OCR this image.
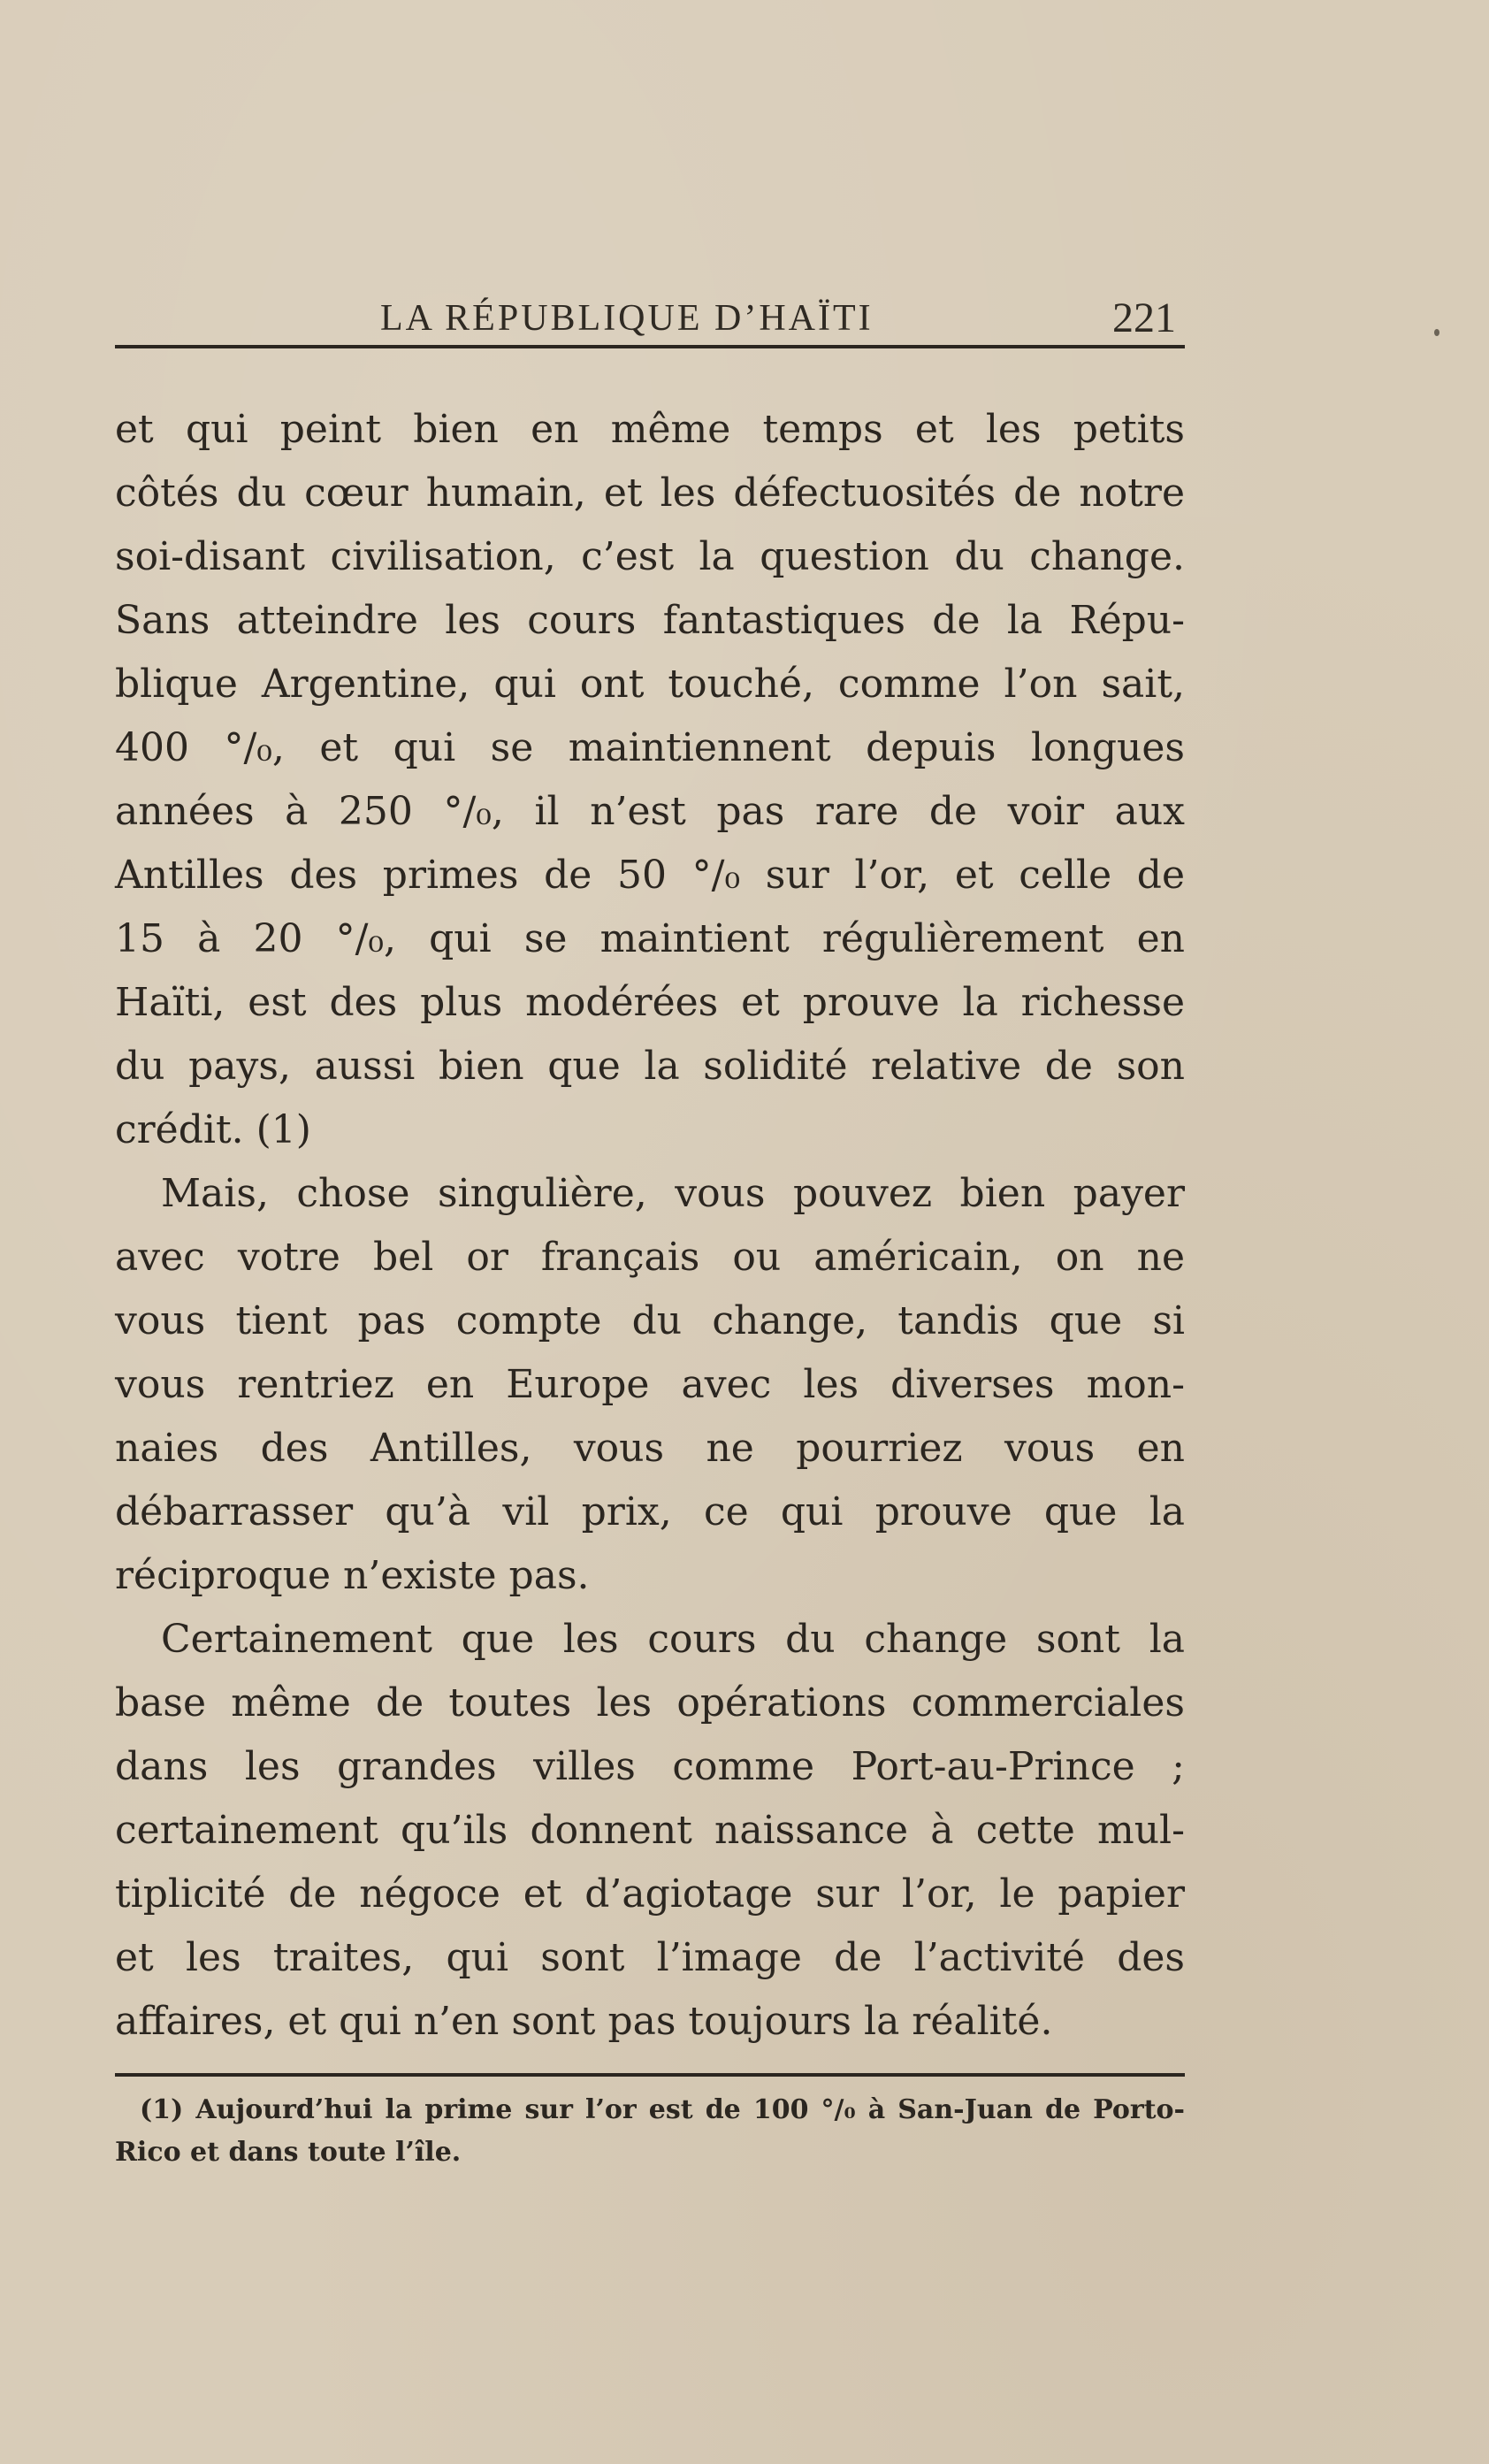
LA RÉPUBLIQUE D’HAÏTI	221

et qui peint bien en même temps et les petits

côtés du cœur humain, et les défectuosités de notre

soi-disant civilisation, c’est la question du change.

Sans atteindre les cours fantastiques de la Répu-

blique Argentine, qui ont touché, comme l’on sait,

400 °/₀, et qui se maintiennent depuis longues

années à 250 °/₀, il n’est pas rare de voir aux

Antilles des primes de 50 °/₀ sur l’or, et celle de

15 à 20 °/₀, qui se maintient régulièrement en

Haïti, est des plus modérées et prouve la richesse

du pays, aussi bien que la solidité relative de son

crédit. (1)

Mais, chose singulière, vous pouvez bien payer

avec votre bel or français ou américain, on ne

vous tient pas compte du change, tandis que si

vous rentriez en Europe avec les diverses mon-

naies des Antilles, vous ne pourriez vous en

débarrasser qu’à vil prix, ce qui prouve que la

réciproque n’existe pas.

Certainement que les cours du change sont la

base même de toutes les opérations commerciales

dans les grandes villes comme Port-au-Prince ;

certainement qu’ils donnent naissance à cette mul-

tiplicité de négoce et d’agiotage sur l’or, le papier

et les traites, qui sont l’image de l’activité des

affaires, et qui n’en sont pas toujours la réalité.

(1) Aujourd’hui la prime sur l’or est de 100 °/₀ à San-Juan de Porto-

Rico et dans toute l’île.
